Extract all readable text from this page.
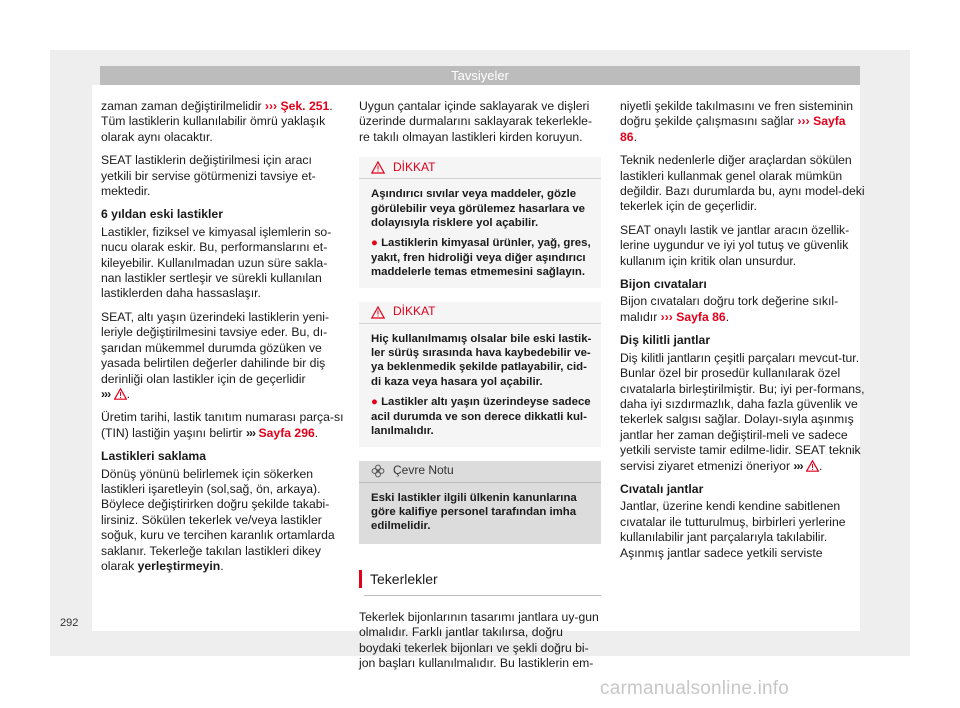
Tavsiyeler

zaman zaman değiştirilmelidir ››› Şek. 251. Tüm lastiklerin kullanılabilir ömrü yaklaşık olarak aynı olacaktır.

SEAT lastiklerin değiştirilmesi için aracı yetkili bir servise götürmenizi tavsiye et-mektedir.

6 yıldan eski lastikler

Lastikler, fiziksel ve kimyasal işlemlerin so-nucu olarak eskir. Bu, performanslarını et-kileyebilir. Kullanılmadan uzun süre sakla-nan lastikler sertleşir ve sürekli kullanılan lastiklerden daha hassaslaşır.

SEAT, altı yaşın üzerindeki lastiklerin yeni-leriyle değiştirilmesini tavsiye eder. Bu, dı-şarıdan mükemmel durumda gözüken ve yasada belirtilen değerler dahilinde bir diş derinliği olan lastikler için de geçerlidir
››› .

Üretim tarihi, lastik tanıtım numarası parça-sı (TIN) lastiğin yaşını belirtir ››› Sayfa 296.

Lastikleri saklama

Dönüş yönünü belirlemek için sökerken lastikleri işaretleyin (sol,sağ, ön, arkaya). Böylece değiştirirken doğru şekilde takabi-lirsiniz. Sökülen tekerlek ve/veya lastikler soğuk, kuru ve tercihen karanlık ortamlarda saklanır. Tekerleğe takılan lastikleri dikey olarak yerleştirmeyin.

Uygun çantalar içinde saklayarak ve dişleri üzerinde durmalarını saklayarak tekerlekle-re takılı olmayan lastikleri kirden koruyun.

DİKKAT

Aşındırıcı sıvılar veya maddeler, gözle görülebilir veya görülemez hasarlara ve dolayısıyla risklere yol açabilir.

● Lastiklerin kimyasal ürünler, yağ, gres, yakıt, fren hidroliği veya diğer aşındırıcı maddelerle temas etmemesini sağlayın.

DİKKAT

Hiç kullanılmamış olsalar bile eski lastik-ler sürüş sırasında hava kaybedebilir ve-ya beklenmedik şekilde patlayabilir, cid-di kaza veya hasara yol açabilir.

● Lastikler altı yaşın üzerindeyse sadece acil durumda ve son derece dikkatli kul-lanılmalıdır.

Çevre Notu
Eski lastikler ilgili ülkenin kanunlarına göre kalifiye personel tarafından imha edilmelidir.
Tekerlekler

Tekerlek bijonlarının tasarımı jantlara uy-gun olmalıdır. Farklı jantlar takılırsa, doğru boydaki tekerlek bijonları ve şekli doğru bi-jon başları kullanılmalıdır. Bu lastiklerin em-

niyetli şekilde takılmasını ve fren sisteminin doğru şekilde çalışmasını sağlar ››› Sayfa 86.

Teknik nedenlerle diğer araçlardan sökülen lastikleri kullanmak genel olarak mümkün değildir. Bazı durumlarda bu, aynı model-deki tekerlek için de geçerlidir.

SEAT onaylı lastik ve jantlar aracın özellik-lerine uygundur ve iyi yol tutuş ve güvenlik kullanım için kritik olan unsurdur.

Bijon cıvataları

Bijon cıvataları doğru tork değerine sıkıl-malıdır ››› Sayfa 86.

Diş kilitli jantlar

Diş kilitli jantların çeşitli parçaları mevcut-tur. Bunlar özel bir prosedür kullanılarak özel cıvatalarla birleştirilmiştir. Bu; iyi per-formans, daha iyi sızdırmazlık, daha fazla güvenlik ve tekerlek salgısı sağlar. Dolayı-sıyla aşınmış jantlar her zaman değiştiril-meli ve sadece yetkili serviste tamir edilme-lidir. SEAT teknik servisi ziyaret etmenizi öneriyor ››› .

Cıvatalı jantlar

Jantlar, üzerine kendi kendine sabitlenen cıvatalar ile tutturulmuş, birbirleri yerlerine kullanılabilir jant parçalarıyla takılabilir. Aşınmış jantlar sadece yetkili serviste

292
carmanualsonline.info
